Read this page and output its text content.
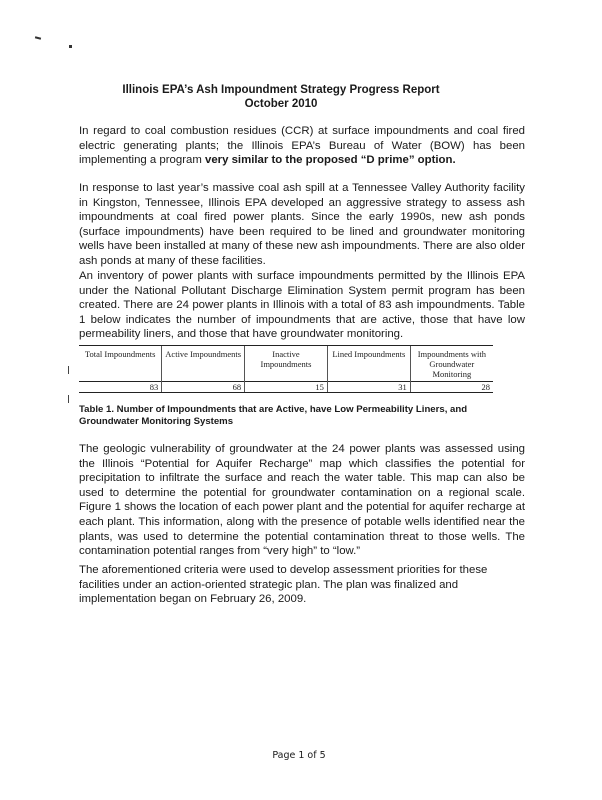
Illinois EPA’s Ash Impoundment Strategy Progress Report
October 2010

In regard to coal combustion residues (CCR) at surface impoundments and coal fired electric generating plants; the Illinois EPA’s Bureau of Water (BOW) has been implementing a program very similar to the proposed “D prime” option.

In response to last year’s massive coal ash spill at a Tennessee Valley Authority facility in Kingston, Tennessee, Illinois EPA developed an aggressive strategy to assess ash impoundments at coal fired power plants. Since the early 1990s, new ash ponds (surface impoundments) have been required to be lined and groundwater monitoring wells have been installed at many of these new ash impoundments. There are also older ash ponds at many of these facilities.

An inventory of power plants with surface impoundments permitted by the Illinois EPA under the National Pollutant Discharge Elimination System permit program has been created. There are 24 power plants in Illinois with a total of 83 ash impoundments. Table 1 below indicates the number of impoundments that are active, those that have low permeability liners, and those that have groundwater monitoring.

Total Impoundments	Active Impoundments	Inactive Impoundments	Lined Impoundments	Impoundments with Groundwater Monitoring
83	68	15	31	28

Table 1. Number of Impoundments that are Active, have Low Permeability Liners, and Groundwater Monitoring Systems

The geologic vulnerability of groundwater at the 24 power plants was assessed using the Illinois “Potential for Aquifer Recharge” map which classifies the potential for precipitation to infiltrate the surface and reach the water table. This map can also be used to determine the potential for groundwater contamination on a regional scale. Figure 1 shows the location of each power plant and the potential for aquifer recharge at each plant. This information, along with the presence of potable wells identified near the plants, was used to determine the potential contamination threat to those wells. The contamination potential ranges from “very high” to “low.”

The aforementioned criteria were used to develop assessment priorities for these facilities under an action-oriented strategic plan. The plan was finalized and implementation began on February 26, 2009.

Page 1 of 5
